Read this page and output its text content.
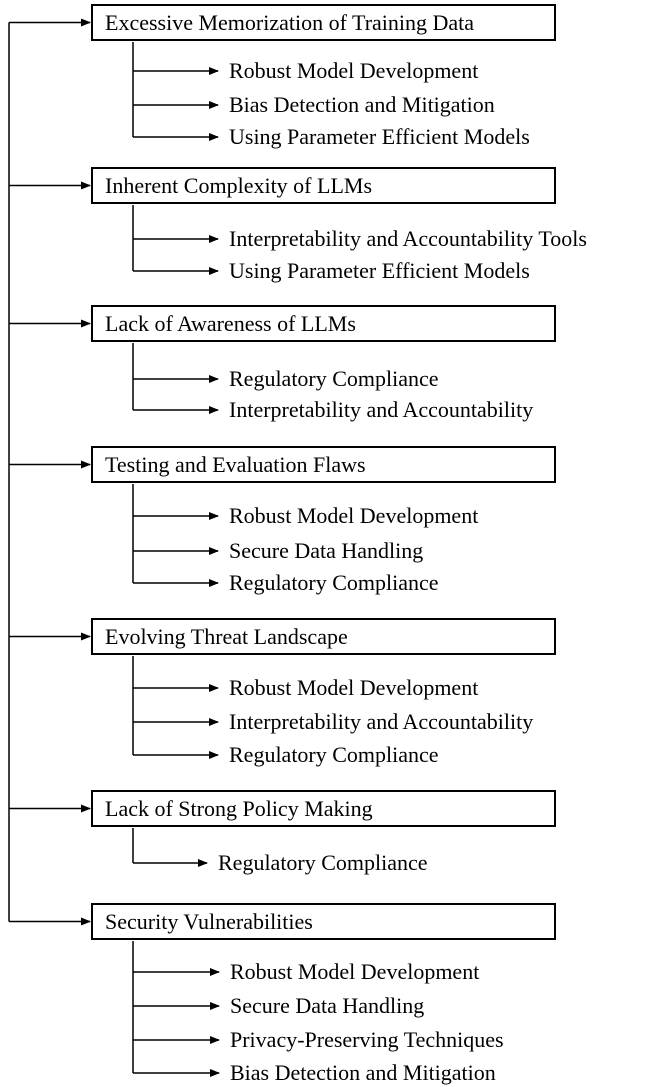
Excessive Memorization of Training Data
Robust Model Development
Bias Detection and Mitigation
Using Parameter Efficient Models
Inherent Complexity of LLMs
Interpretability and Accountability Tools
Using Parameter Efficient Models
Lack of Awareness of LLMs
Regulatory Compliance
Interpretability and Accountability
Testing and Evaluation Flaws
Robust Model Development
Secure Data Handling
Regulatory Compliance
Evolving Threat Landscape
Robust Model Development
Interpretability and Accountability
Regulatory Compliance
Lack of Strong Policy Making
Regulatory Compliance
Security Vulnerabilities
Robust Model Development
Secure Data Handling
Privacy-Preserving Techniques
Bias Detection and Mitigation
